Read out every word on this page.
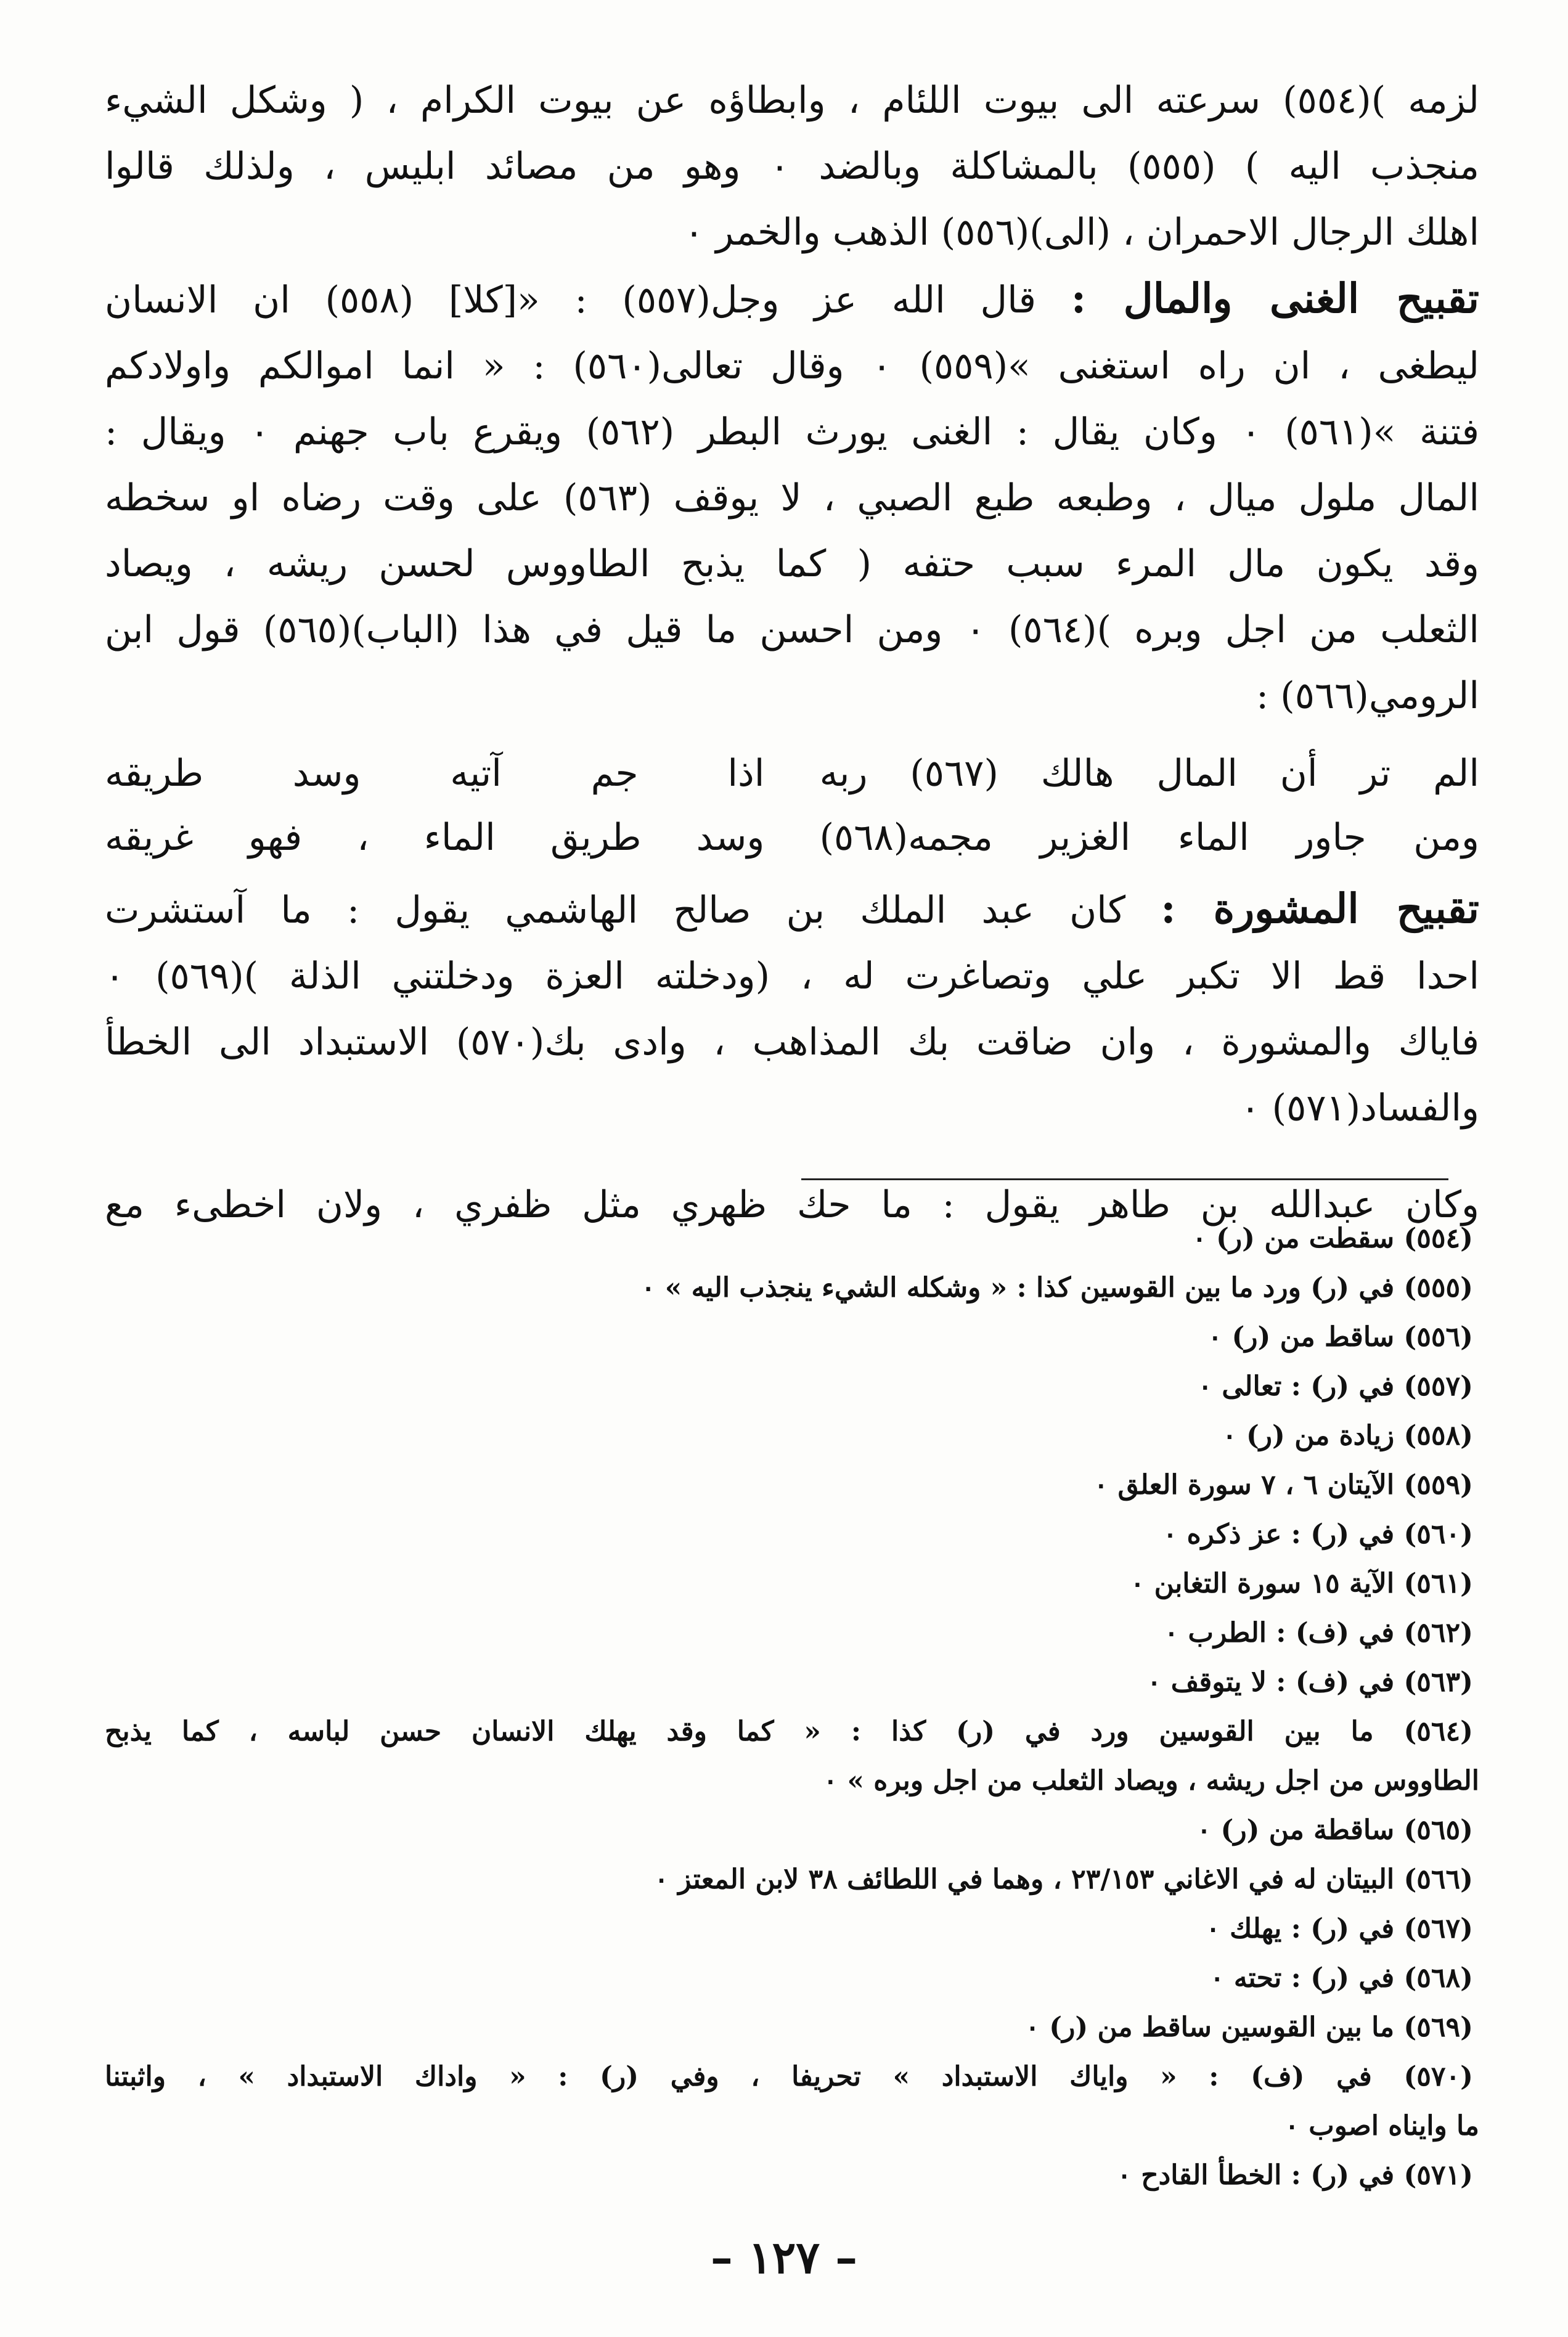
لزمه )(٥٥٤) سرعته الى بيوت اللئام ، وابطاؤه عن بيوت الكرام ، ( وشكل الشيء
منجذب اليه ) (٥٥٥) بالمشاكلة وبالضد ٠ وهو من مصائد ابليس ، ولذلك قالوا
اهلك الرجال الاحمران ، (الى)(٥٥٦) الذهب والخمر ٠
تقبيح الغنى والمال : قال الله عز وجل(٥٥٧) : «[كلا] (٥٥٨) ان الانسان
ليطغى ، ان راه استغنى »(٥٥٩) ٠ وقال تعالى(٥٦٠) : « انما اموالكم واولادكم
فتنة »(٥٦١) ٠ وكان يقال : الغنى يورث البطر (٥٦٢) ويقرع باب جهنم ٠ ويقال :
المال ملول ميال ، وطبعه طبع الصبي ، لا يوقف (٥٦٣) على وقت رضاه او سخطه
وقد يكون مال المرء سبب حتفه ( كما يذبح الطاووس لحسن ريشه ، ويصاد
الثعلب من اجل وبره )(٥٦٤) ٠ ومن احسن ما قيل في هذا (الباب)(٥٦٥) قول ابن
الرومي(٥٦٦) :
الم تر أن المال هالك (٥٦٧) ربه
اذا جم آتيه وسد طريقه
ومن جاور الماء الغزير مجمه(٥٦٨)
وسد طريق الماء ، فهو غريقه
تقبيح المشورة : كان عبد الملك بن صالح الهاشمي يقول : ما آستشرت
احدا قط الا تكبر علي وتصاغرت له ، (ودخلته العزة ودخلتني الذلة )(٥٦٩) ٠
فاياك والمشورة ، وان ضاقت بك المذاهب ، وادى بك(٥٧٠) الاستبداد الى الخطأ
والفساد(٥٧١) ٠
وكان عبدالله بن طاهر يقول : ما حك ظهري مثل ظفري ، ولان اخطىء مع
(٥٥٤) سقطت من (ر) ٠
(٥٥٥) في (ر) ورد ما بين القوسين كذا : « وشكله الشيء ينجذب اليه » ٠
(٥٥٦) ساقط من (ر) ٠
(٥٥٧) في (ر) : تعالى ٠
(٥٥٨) زيادة من (ر) ٠
(٥٥٩) الآيتان ٦ ، ٧ سورة العلق ٠
(٥٦٠) في (ر) : عز ذكره ٠
(٥٦١) الآية ١٥ سورة التغابن ٠
(٥٦٢) في (ف) : الطرب ٠
(٥٦٣) في (ف) : لا يتوقف ٠
(٥٦٤) ما بين القوسين ورد في (ر) كذا : « كما وقد يهلك الانسان حسن لباسه ، كما يذبح
الطاووس من اجل ريشه ، ويصاد الثعلب من اجل وبره » ٠
(٥٦٥) ساقطة من (ر) ٠
(٥٦٦) البيتان له في الاغاني ٢٣/١٥٣ ، وهما في اللطائف ٣٨ لابن المعتز ٠
(٥٦٧) في (ر) : يهلك ٠
(٥٦٨) في (ر) : تحته ٠
(٥٦٩) ما بين القوسين ساقط من (ر) ٠
(٥٧٠) في (ف) : « واياك الاستبداد » تحريفا ، وفي (ر) : « واداك الاستبداد » ، واثبتنا
ما وايناه اصوب ٠
(٥٧١) في (ر) : الخطأ القادح ٠
– ١٢٧ –
